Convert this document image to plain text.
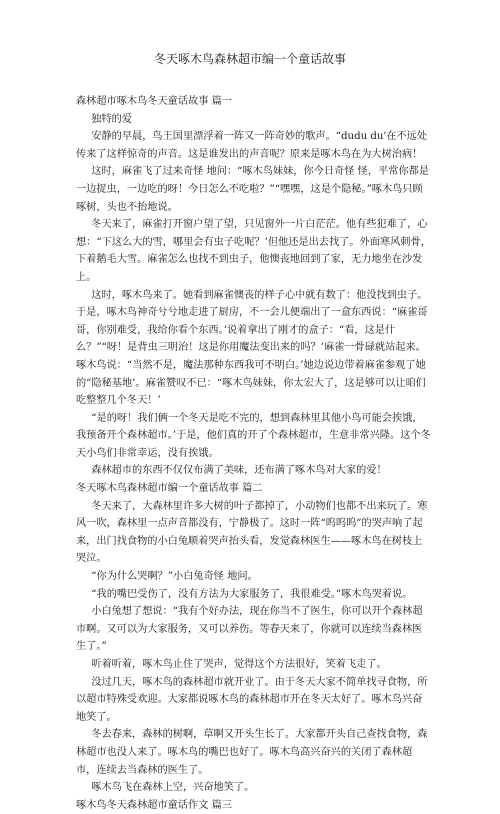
冬天啄木鸟森林超市编一个童话故事

森林超市啄木鸟冬天童话故事 篇一

独特的爱

安静的早晨，鸟王国里漂浮着一阵又一阵奇妙的歌声。“dudu du'在不远处传来了这样惊奇的声音。这是谁发出的声音呢？原来是啄木鸟在为大树治病！

这时，麻雀飞了过来奇怪 地问：“啄木鸟妹妹，你今日奇怪 怪，平常你都是一边捉虫，一边吃的呀！今日怎么不吃啦？”“嘿嘿，这是个隐秘。”啄木鸟只顾啄树，头也不抬地说。

冬天来了，麻雀打开窗户望了望，只见窗外一片白茫茫。他有些犯难了，心想：“下这么大的雪，哪里会有虫子吃呢？’但他还是出去找了。外面寒风刺骨，下着鹅毛大雪。麻雀怎么也找不到虫子，他懊丧地回到了家，无力地坐在沙发上。

这时，啄木鸟来了。她看到麻雀懊丧的样子心中就有数了：他没找到虫子。于是，啄木鸟神奇兮兮地走进了厨房，不一会儿便端出了一盒东西说：“麻雀哥哥，你别难受，我给你看个东西。’说着拿出了刚才的盒子：“看，这是什么？”“呀！是背虫三明治！这是你用魔法变出来的吗？’麻雀一骨碌就站起来。啄木鸟说：“当然不是，魔法那种东西我可不明白。’她边说边带着麻雀参观了她的“隐秘基地’。麻雀赞叹不已：“啄木鸟妹妹，你太宏大了，这是够可以让咱们吃整整几个冬天！’

“是的呀！我们俩一个冬天是吃不完的，想到森林里其他小鸟可能会挨饿，我预备开个森林超市。’于是，他们真的开了个森林超市，生意非常兴隆。这个冬天小鸟们非常幸运，没有挨饿。

森林超市的东西不仅仅布满了美味，还布满了啄木鸟对大家的爱！

冬天啄木鸟森林超市编一个童话故事 篇二

冬天来了，大森林里许多大树的叶子都掉了，小动物们也都不出来玩了。寒风一吹，森林里一点声音都没有，宁静极了。这时一阵“呜呜呜”的哭声响了起来，出门找食物的小白兔顺着哭声抬头看，发觉森林医生——啄木鸟在树枝上哭泣。

“你为什么哭啊？”小白兔奇怪 地问。

“我的嘴巴受伤了，没有方法为大家服务了，我很难受。”啄木鸟哭着说。

小白兔想了想说：“我有个好办法，现在你当不了医生，你可以开个森林超市啊。又可以为大家服务，又可以养伤。等春天来了，你就可以连续当森林医生了。”

听着听着，啄木鸟止住了哭声，觉得这个方法很好，笑着飞走了。

没过几天，啄木鸟的森林超市就开业了。由于冬天大家不简单找寻食物，所以超市特殊受欢迎。大家都说啄木鸟的森林超市开在冬天太好了。啄木鸟兴奋地笑了。

冬去春来，森林的树啊，草啊又开头生长了。大家都开头自己查找食物，森林超市也没人来了。啄木鸟的嘴巴也好了。啄木鸟高兴奋兴的关闭了森林超市，连续去当森林的医生了。

啄木鸟飞在森林上空，兴奋地笑了。

啄木鸟冬天森林超市童话作文 篇三
